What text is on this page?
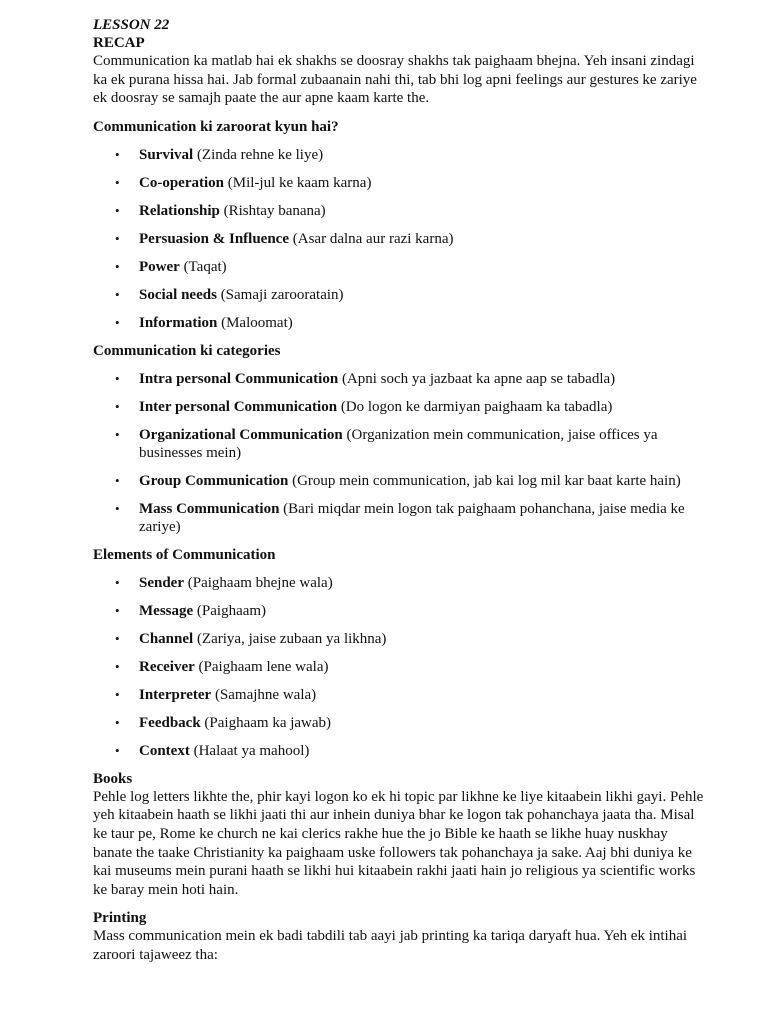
LESSON 22
RECAP

Communication ka matlab hai ek shakhs se doosray shakhs tak paighaam bhejna. Yeh insani zindagi ka ek purana hissa hai. Jab formal zubaanain nahi thi, tab bhi log apni feelings aur gestures ke zariye ek doosray se samajh paate the aur apne kaam karte the.

Communication ki zaroorat kyun hai?

• Survival (Zinda rehne ke liye)
• Co-operation (Mil-jul ke kaam karna)
• Relationship (Rishtay banana)
• Persuasion & Influence (Asar dalna aur razi karna)
• Power (Taqat)
• Social needs (Samaji zarooratain)
• Information (Maloomat)

Communication ki categories

• Intra personal Communication (Apni soch ya jazbaat ka apne aap se tabadla)
• Inter personal Communication (Do logon ke darmiyan paighaam ka tabadla)
• Organizational Communication (Organization mein communication, jaise offices ya businesses mein)
• Group Communication (Group mein communication, jab kai log mil kar baat karte hain)
• Mass Communication (Bari miqdar mein logon tak paighaam pohanchana, jaise media ke zariye)

Elements of Communication

• Sender (Paighaam bhejne wala)
• Message (Paighaam)
• Channel (Zariya, jaise zubaan ya likhna)
• Receiver (Paighaam lene wala)
• Interpreter (Samajhne wala)
• Feedback (Paighaam ka jawab)
• Context (Halaat ya mahool)

Books

Pehle log letters likhte the, phir kayi logon ko ek hi topic par likhne ke liye kitaabein likhi gayi. Pehle yeh kitaabein haath se likhi jaati thi aur inhein duniya bhar ke logon tak pohanchaya jaata tha. Misal ke taur pe, Rome ke church ne kai clerics rakhe hue the jo Bible ke haath se likhe huay nuskhay banate the taake Christianity ka paighaam uske followers tak pohanchaya ja sake. Aaj bhi duniya ke kai museums mein purani haath se likhi hui kitaabein rakhi jaati hain jo religious ya scientific works ke baray mein hoti hain.

Printing

Mass communication mein ek badi tabdili tab aayi jab printing ka tariqa daryaft hua. Yeh ek intihai zaroori tajaweez tha:
